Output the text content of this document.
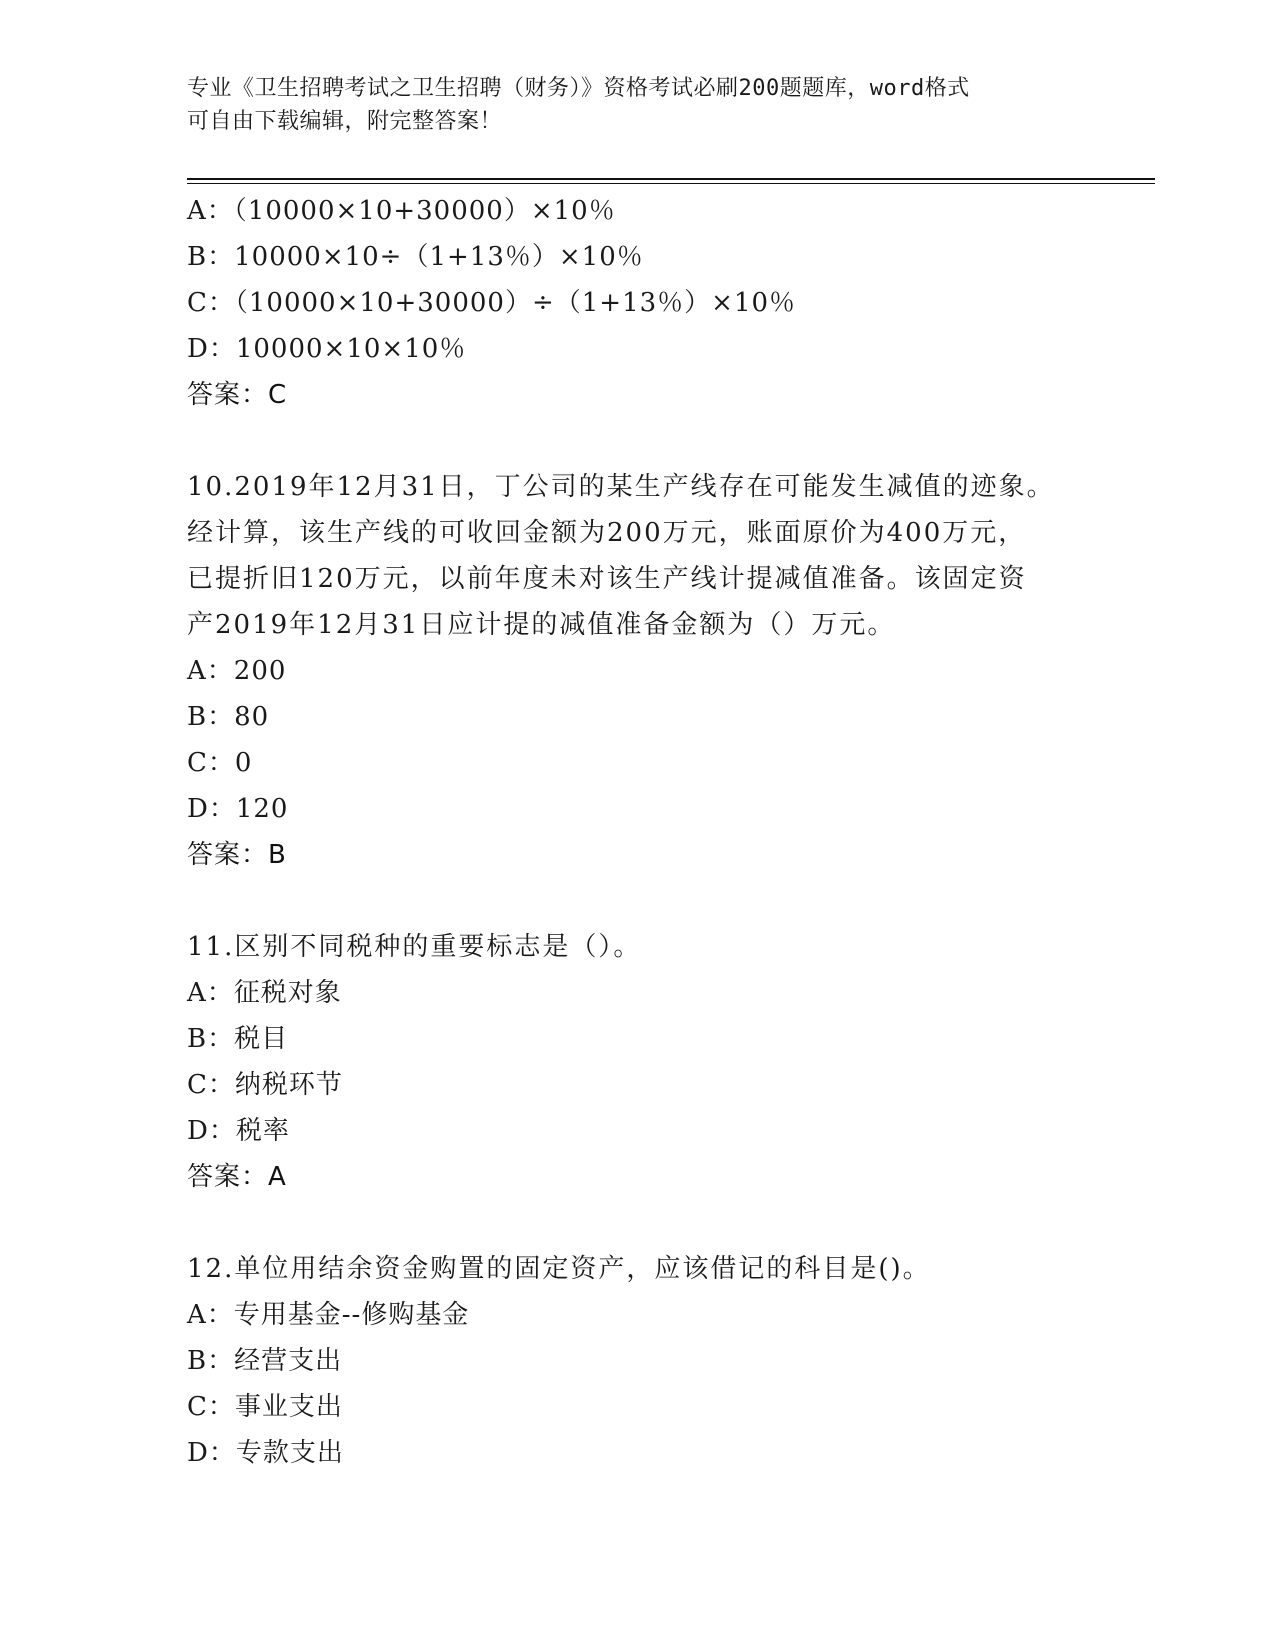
专业《卫生招聘考试之卫生招聘（财务）》资格考试必刷200题题库，word格式
可自由下载编辑，附完整答案！
A：（10000×10+30000）×10％
B：10000×10÷（1+13％）×10％
C：（10000×10+30000）÷（1+13％）×10％
D：10000×10×10％
答案：C
10.2019年12月31日，丁公司的某生产线存在可能发生减值的迹象。
经计算，该生产线的可收回金额为200万元，账面原价为400万元，
已提折旧120万元，以前年度未对该生产线计提减值准备。该固定资
产2019年12月31日应计提的减值准备金额为（）万元。
A：200
B：80
C：0
D：120
答案：B
11.区别不同税种的重要标志是（）。
A：征税对象
B：税目
C：纳税环节
D：税率
答案：A
12.单位用结余资金购置的固定资产，应该借记的科目是()。
A：专用基金--修购基金
B：经营支出
C：事业支出
D：专款支出
